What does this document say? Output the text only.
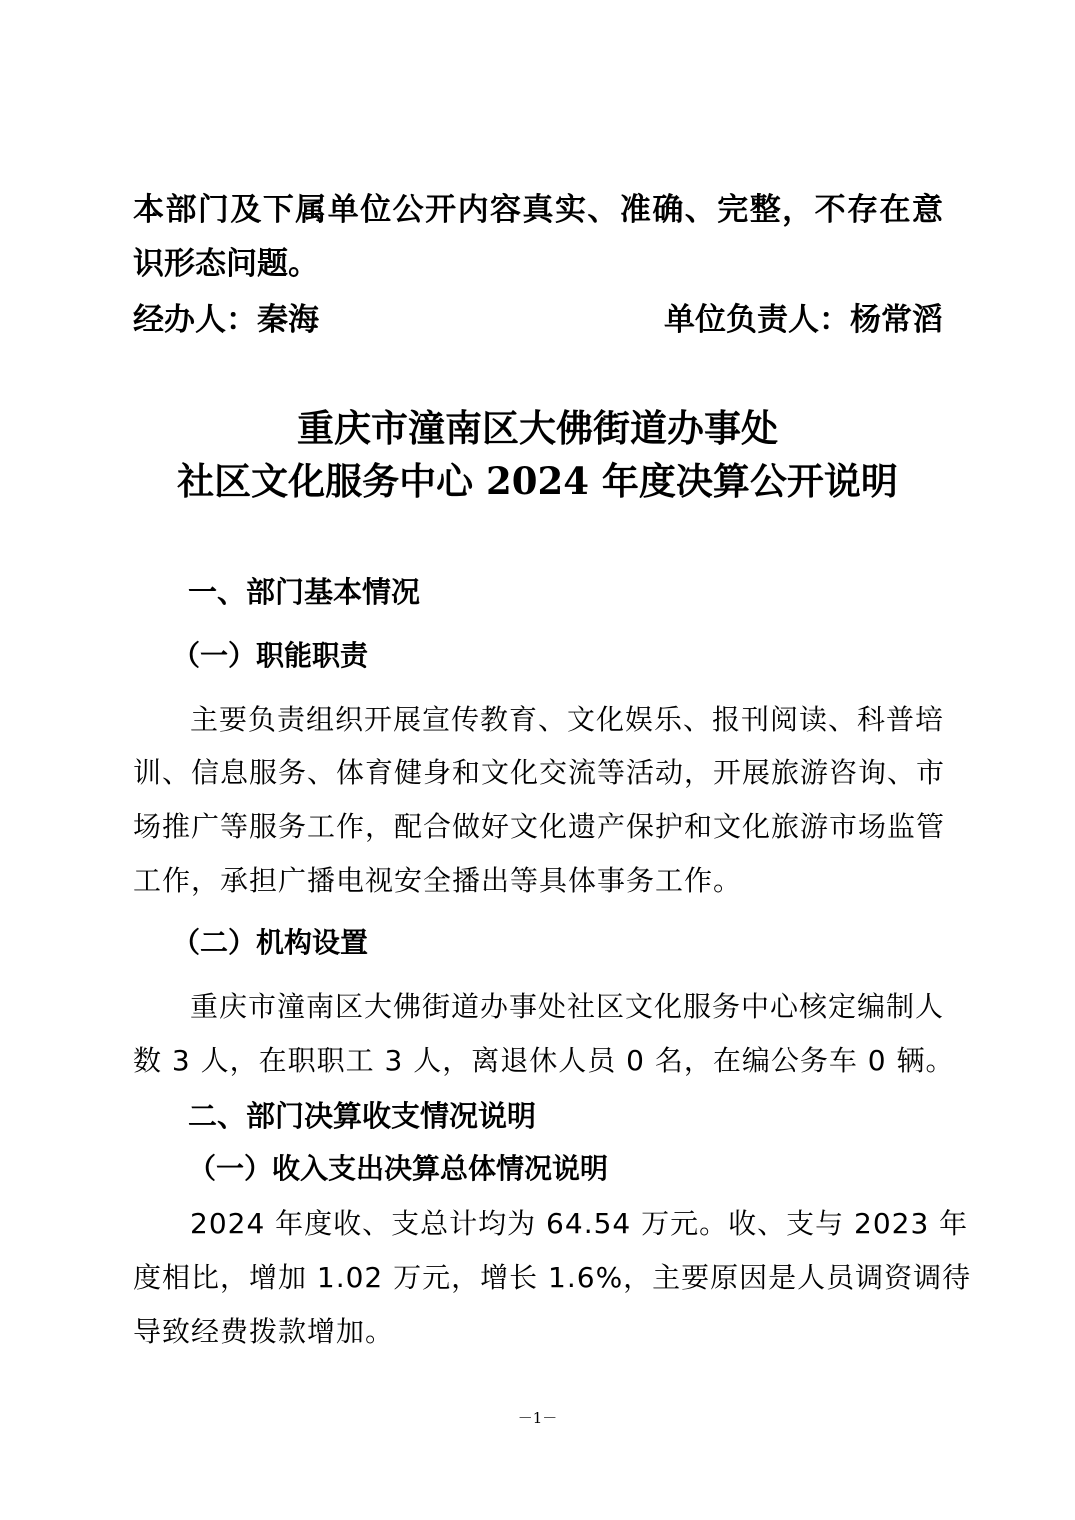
本部门及下属单位公开内容真实、准确、完整，不存在意
识形态问题。
经办人：秦海	单位负责人：杨常滔
重庆市潼南区大佛街道办事处
社区文化服务中心 2024 年度决算公开说明
一、部门基本情况
（一）职能职责
主要负责组织开展宣传教育、文化娱乐、报刊阅读、科普培
训、信息服务、体育健身和文化交流等活动，开展旅游咨询、市
场推广等服务工作，配合做好文化遗产保护和文化旅游市场监管
工作，承担广播电视安全播出等具体事务工作。
（二）机构设置
重庆市潼南区大佛街道办事处社区文化服务中心核定编制人
数 3 人，在职职工 3 人，离退休人员 0 名，在编公务车 0 辆。
二、部门决算收支情况说明
（一）收入支出决算总体情况说明
2024 年度收、支总计均为 64.54 万元。收、支与 2023 年
度相比，增加 1.02 万元，增长 1.6%，主要原因是人员调资调待
导致经费拨款增加。
－1－
